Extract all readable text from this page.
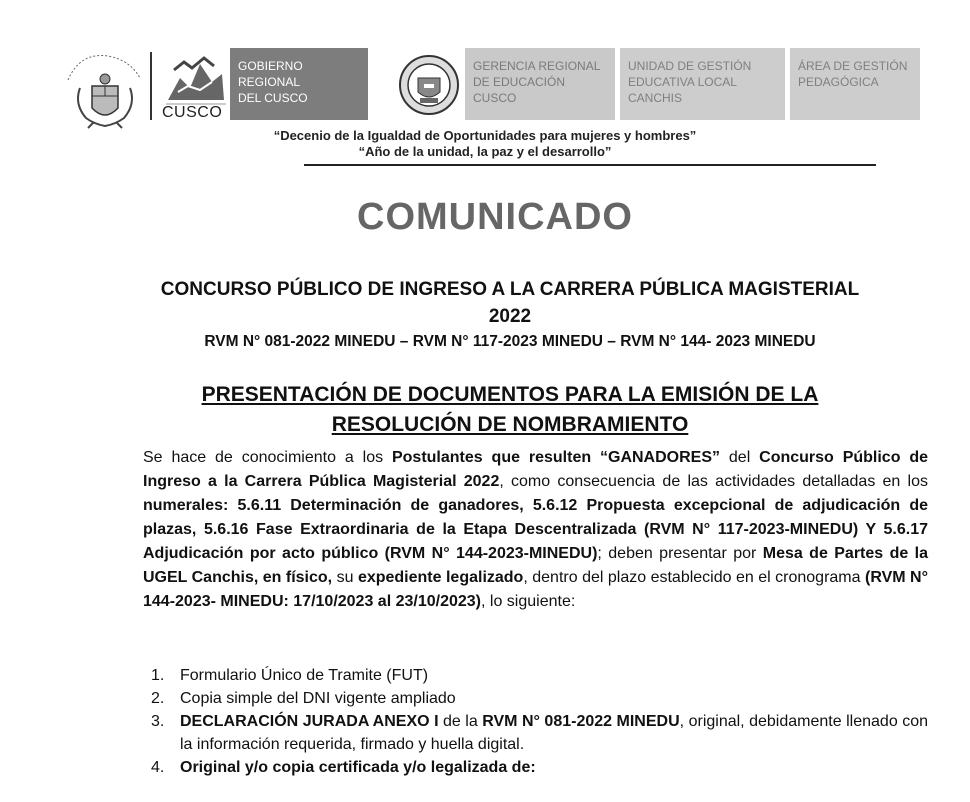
CUSCO
GOBIERNO REGIONAL
DEL CUSCO
GERENCIA REGIONAL
DE EDUCACIÓN CUSCO
UNIDAD DE GESTIÓN
EDUCATIVA LOCAL
CANCHIS
ÁREA DE GESTIÓN
PEDAGÓGICA
“Decenio de la Igualdad de Oportunidades para mujeres y hombres”
“Año de la unidad, la paz y el desarrollo”
COMUNICADO
CONCURSO PÚBLICO DE INGRESO A LA CARRERA PÚBLICA MAGISTERIAL
2022
RVM N° 081-2022 MINEDU – RVM N° 117-2023 MINEDU – RVM N° 144- 2023 MINEDU
PRESENTACIÓN DE DOCUMENTOS PARA LA EMISIÓN DE LA
RESOLUCIÓN DE NOMBRAMIENTO
Se hace de conocimiento a los Postulantes que resulten “GANADORES” del Concurso Público de Ingreso a la Carrera Pública Magisterial 2022, como consecuencia de las actividades detalladas en los numerales: 5.6.11 Determinación de ganadores, 5.6.12 Propuesta excepcional de adjudicación de plazas, 5.6.16 Fase Extraordinaria de la Etapa Descentralizada (RVM N° 117-2023-MINEDU) Y 5.6.17 Adjudicación por acto público (RVM N° 144-2023-MINEDU); deben presentar por Mesa de Partes de la UGEL Canchis, en físico, su expediente legalizado, dentro del plazo establecido en el cronograma (RVM N° 144-2023- MINEDU: 17/10/2023 al 23/10/2023), lo siguiente:
1. Formulario Único de Tramite (FUT)
2. Copia simple del DNI vigente ampliado
3. DECLARACIÓN JURADA ANEXO I de la RVM N° 081-2022 MINEDU, original, debidamente llenado con la información requerida, firmado y huella digital.
4. Original y/o copia certificada y/o legalizada de:
